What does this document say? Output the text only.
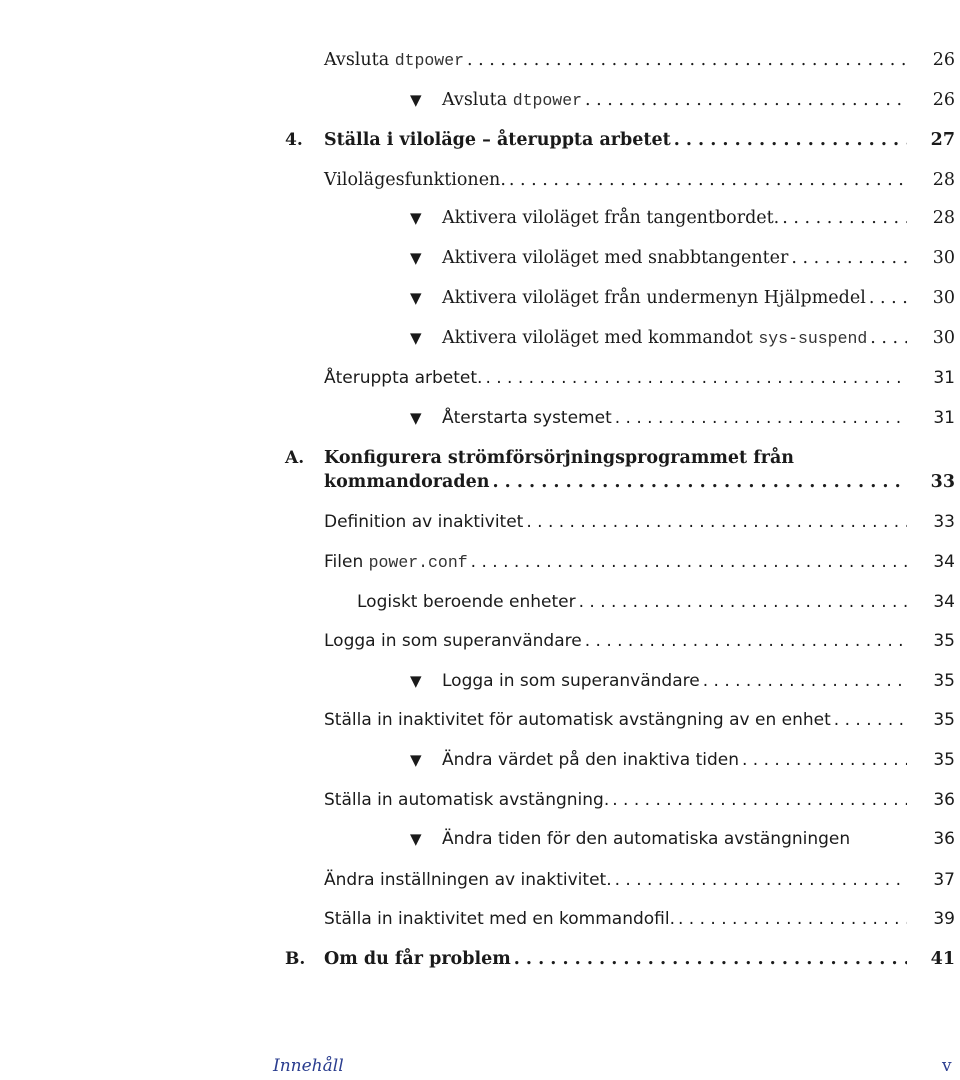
Avsluta dtpower . . .	26
▼	Avsluta dtpower . . .	26
4. Ställa i viloläge – återuppta arbetet . . .	27
Vilolägesfunktionen. . . .	28
▼	Aktivera viloläget från tangentbordet. . . .	28
▼	Aktivera viloläget med snabbtangenter . . .	30
▼	Aktivera viloläget från undermenyn Hjälpmedel . . .	30
▼	Aktivera viloläget med kommandot sys-suspend . . .	30
Återuppta arbetet. . . .	31
▼	Återstarta systemet . . .	31
A. Konfigurera strömförsörjningsprogrammet från
kommandoraden . . .	33
Definition av inaktivitet . . .	33
Filen power.conf . . .	34
Logiskt beroende enheter . . .	34
Logga in som superanvändare . . .	35
▼	Logga in som superanvändare . . .	35
Ställa in inaktivitet för automatisk avstängning av en enhet . . .	35
▼	Ändra värdet på den inaktiva tiden . . .	35
Ställa in automatisk avstängning. . . .	36
▼	Ändra tiden för den automatiska avstängningen	36
Ändra inställningen av inaktivitet. . . .	37
Ställa in inaktivitet med en kommandofil. . . .	39
B. Om du får problem . . .	41
Innehåll	v
